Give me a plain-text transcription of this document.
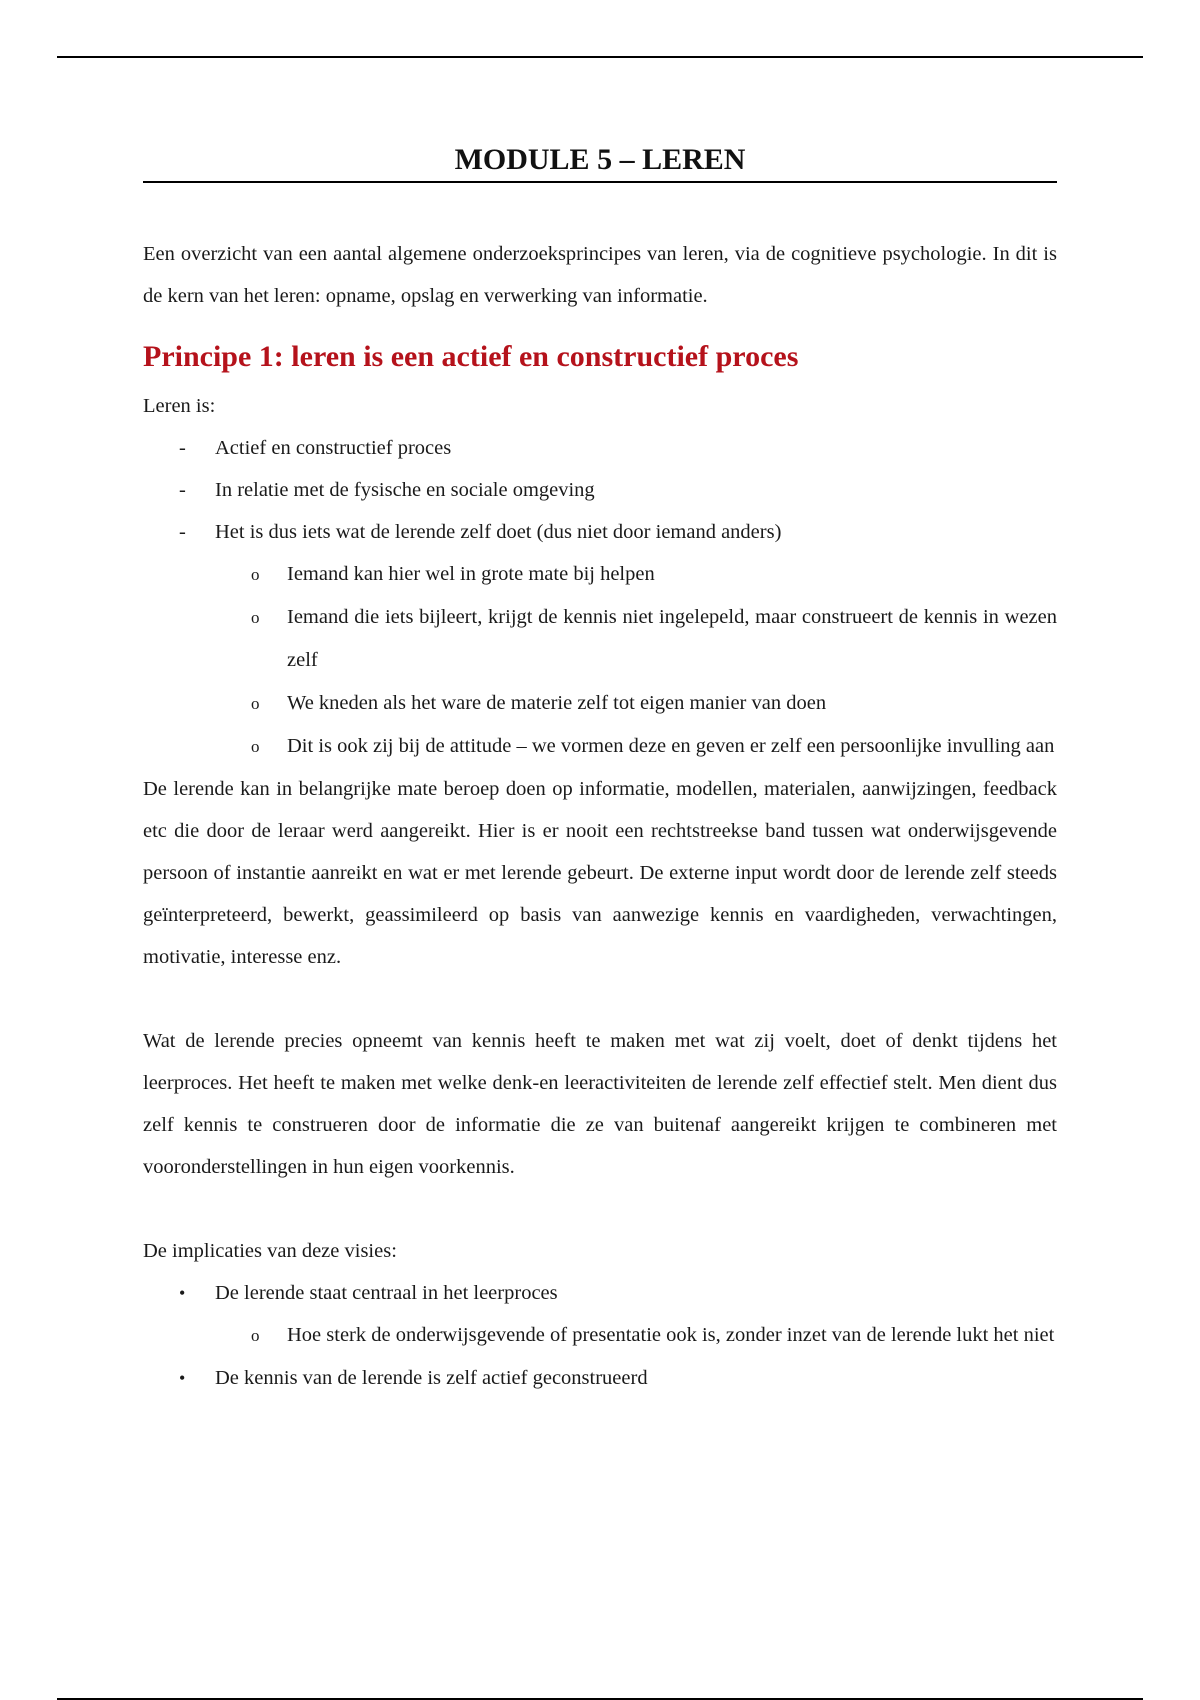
MODULE 5 – LEREN

Een overzicht van een aantal algemene onderzoeksprincipes van leren, via de cognitieve psychologie. In dit is de kern van het leren: opname, opslag en verwerking van informatie.

Principe 1: leren is een actief en constructief proces

Leren is:

-	Actief en constructief proces
-	In relatie met de fysische en sociale omgeving
-	Het is dus iets wat de lerende zelf doet (dus niet door iemand anders)
o Iemand kan hier wel in grote mate bij helpen
o Iemand die iets bijleert, krijgt de kennis niet ingelepeld, maar construeert de kennis in wezen zelf
o We kneden als het ware de materie zelf tot eigen manier van doen
o Dit is ook zij bij de attitude – we vormen deze en geven er zelf een persoonlijke invulling aan

De lerende kan in belangrijke mate beroep doen op informatie, modellen, materialen, aanwijzingen, feedback etc die door de leraar werd aangereikt. Hier is er nooit een rechtstreekse band tussen wat onderwijsgevende persoon of instantie aanreikt en wat er met lerende gebeurt. De externe input wordt door de lerende zelf steeds geïnterpreteerd, bewerkt, geassimileerd op basis van aanwezige kennis en vaardigheden, verwachtingen, motivatie, interesse enz.

Wat de lerende precies opneemt van kennis heeft te maken met wat zij voelt, doet of denkt tijdens het leerproces. Het heeft te maken met welke denk-en leeractiviteiten de lerende zelf effectief stelt. Men dient dus zelf kennis te construeren door de informatie die ze van buitenaf aangereikt krijgen te combineren met vooronderstellingen in hun eigen voorkennis.

De implicaties van deze visies:

•	De lerende staat centraal in het leerproces
o Hoe sterk de onderwijsgevende of presentatie ook is, zonder inzet van de lerende lukt het niet
•	De kennis van de lerende is zelf actief geconstrueerd
